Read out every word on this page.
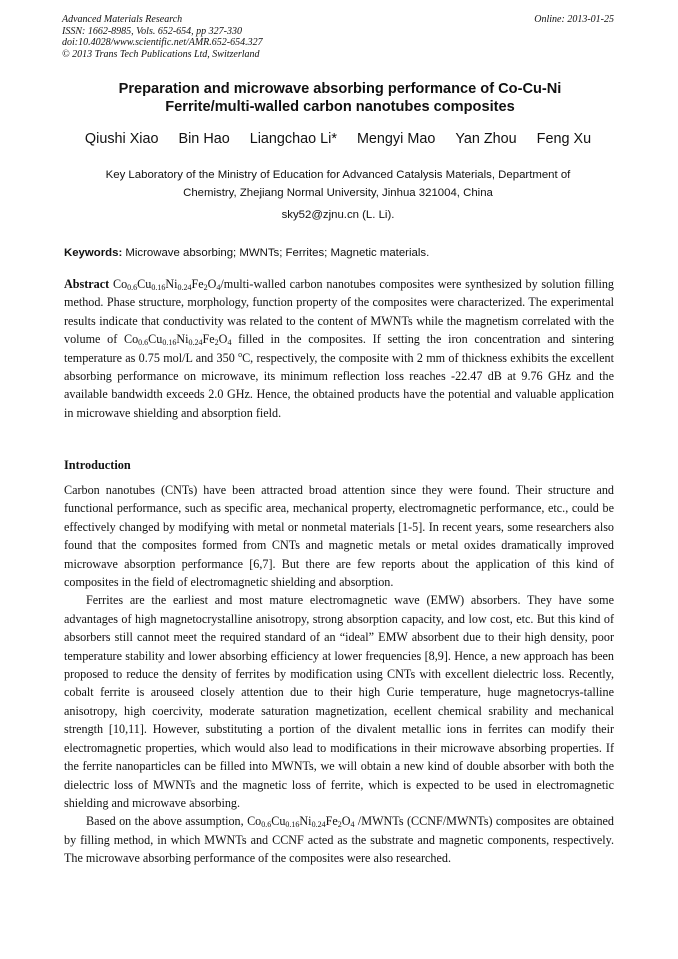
Advanced Materials Research
ISSN: 1662-8985, Vols. 652-654, pp 327-330
doi:10.4028/www.scientific.net/AMR.652-654.327
© 2013 Trans Tech Publications Ltd, Switzerland
Online: 2013-01-25
Preparation and microwave absorbing performance of Co-Cu-Ni
Ferrite/multi-walled carbon nanotubes composites
Qiushi Xiao Bin Hao Liangchao Li* Mengyi Mao Yan Zhou Feng Xu
Key Laboratory of the Ministry of Education for Advanced Catalysis Materials, Department of
Chemistry, Zhejiang Normal University, Jinhua 321004, China
sky52@zjnu.cn (L. Li).
Keywords: Microwave absorbing; MWNTs; Ferrites; Magnetic materials.

Abstract $Co_{0.6}Cu_{0.16}Ni_{0.24}Fe_2O_4/multi$-walled carbon nanotubes composites were synthesized by solution filling method. Phase structure, morphology, function property of the composites were characterized. The experimental results indicate that conductivity was related to the content of MWNTs while the magnetism correlated with the volume of $Co_{0.6}Cu_{0.16}Ni_{0.24}Fe_2O_4$ filled in the composites. If setting the iron concentration and sintering temperature as 0.75 mol/L and 350 $^o$C, respectively, the composite with 2 mm of thickness exhibits the excellent absorbing performance on microwave, its minimum reflection loss reaches -22.47 dB at 9.76 GHz and the available bandwidth exceeds 2.0 GHz. Hence, the obtained products have the potential and valuable application in microwave shielding and absorption field.

Introduction

Carbon nanotubes (CNTs) have been attracted broad attention since they were found. Their structure and functional performance, such as specific area, mechanical property, electromagnetic performance, etc., could be effectively changed by modifying with metal or nonmetal materials [1-5]. In recent years, some researchers also found that the composites formed from CNTs and magnetic metals or metal oxides dramatically improved microwave absorption performance [6,7]. But there are few reports about the application of this kind of composites in the field of electromagnetic shielding and absorption.

Ferrites are the earliest and most mature electromagnetic wave (EMW) absorbers. They have some advantages of high magnetocrystalline anisotropy, strong absorption capacity, and low cost, etc. But this kind of absorbers still cannot meet the required standard of an “ideal” EMW absorbent due to their high density, poor temperature stability and lower absorbing efficiency at lower frequencies [8,9]. Hence, a new approach has been proposed to reduce the density of ferrites by modification using CNTs with excellent dielectric loss. Recently, cobalt ferrite is arouseed closely attention due to their high Curie temperature, huge magnetocrys-talline anisotropy, high coercivity, moderate saturation magnetization, ecellent chemical srability and mechanical strength [10,11]. However, substituting a portion of the divalent metallic ions in ferrites can modify their electromagnetic properties, which would also lead to modifications in their microwave absorbing properties. If the ferrite nanoparticles can be filled into MWNTs, we will obtain a new kind of double absorber with both the dielectric loss of MWNTs and the magnetic loss of ferrite, which is expected to be used in electromagnetic shielding and microwave absorbing.

Based on the above assumption, $Co_{0.6}Cu_{0.16}Ni_{0.24}Fe_2O_4$ /MWNTs (CCNF/MWNTs) composites are obtained by filling method, in which MWNTs and CCNF acted as the substrate and magnetic components, respectively. The microwave absorbing performance of the composites were also researched.
